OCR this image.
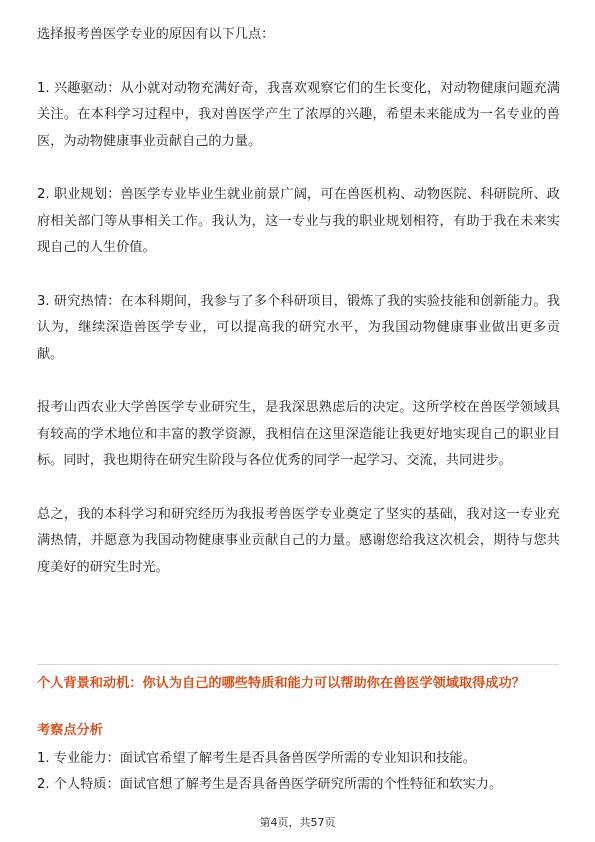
选择报考兽医学专业的原因有以下几点：

1. 兴趣驱动：从小就对动物充满好奇，我喜欢观察它们的生长变化，对动物健康问题充满关注。在本科学习过程中，我对兽医学产生了浓厚的兴趣，希望未来能成为一名专业的兽医，为动物健康事业贡献自己的力量。

2. 职业规划：兽医学专业毕业生就业前景广阔，可在兽医机构、动物医院、科研院所、政府相关部门等从事相关工作。我认为，这一专业与我的职业规划相符，有助于我在未来实现自己的人生价值。

3. 研究热情：在本科期间，我参与了多个科研项目，锻炼了我的实验技能和创新能力。我认为，继续深造兽医学专业，可以提高我的研究水平，为我国动物健康事业做出更多贡献。

报考山西农业大学兽医学专业研究生，是我深思熟虑后的决定。这所学校在兽医学领域具有较高的学术地位和丰富的教学资源，我相信在这里深造能让我更好地实现自己的职业目标。同时，我也期待在研究生阶段与各位优秀的同学一起学习、交流，共同进步。

总之，我的本科学习和研究经历为我报考兽医学专业奠定了坚实的基础，我对这一专业充满热情，并愿意为我国动物健康事业贡献自己的力量。感谢您给我这次机会，期待与您共度美好的研究生时光。

个人背景和动机：你认为自己的哪些特质和能力可以帮助你在兽医学领域取得成功？

考察点分析

1. 专业能力：面试官希望了解考生是否具备兽医学所需的专业知识和技能。
2. 个人特质：面试官想了解考生是否具备兽医学研究所需的个性特征和软实力。
第4页，共57页
